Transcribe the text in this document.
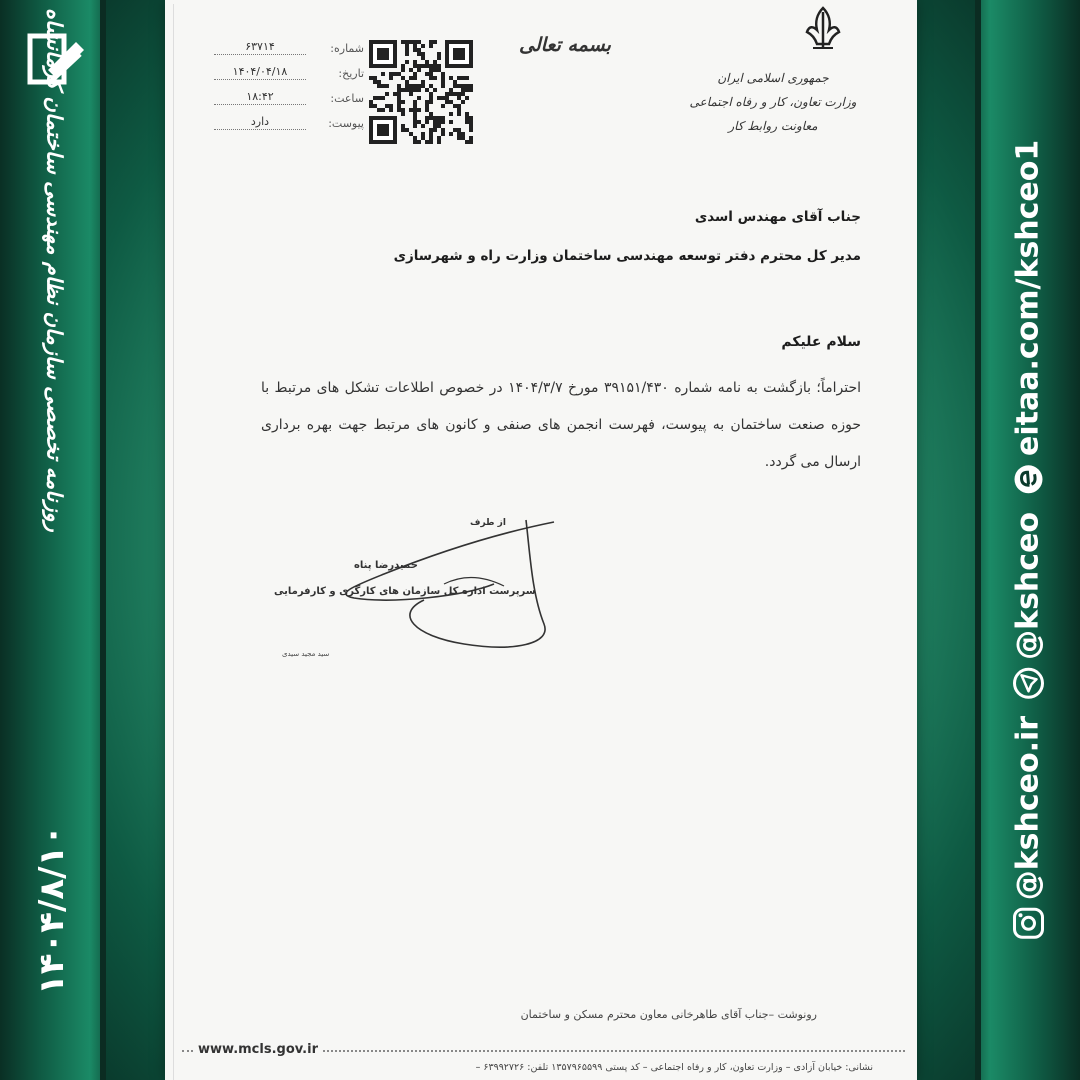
روزنامه تخصصی سازمان نظام مهندسی ساختمان کرمانشاه
۱۴۰۴/۸/۱۰
@kshceo.ir
@kshceo
eitaa.com/kshceo1
شماره:
۶۳۷۱۴
تاریخ:
۱۴۰۴/۰۴/۱۸
ساعت:
۱۸:۴۲
پیوست:
دارد
بسمه تعالی
جمهوری اسلامی ایران
وزارت تعاون، کار و رفاه اجتماعی
معاونت روابط کار
جناب آقای مهندس اسدی
مدیر کل محترم دفتر توسعه مهندسی ساختمان وزارت راه و شهرسازی
سلام علیکم
احتراماً؛ بازگشت به نامه شماره ۳۹۱۵۱/۴۳۰ مورخ ۱۴۰۴/۳/۷ در خصوص اطلاعات تشکل های مرتبط با حوزه صنعت ساختمان به پیوست، فهرست انجمن های صنفی و کانون های مرتبط جهت بهره برداری ارسال می گردد.
از طرف
حمیدرضا پناه
سرپرست اداره کل سازمان های کارگری و کارفرمایی
سید مجید سیدی
رونوشت –جناب آقای طاهرخانی معاون محترم مسکن و ساختمان
www.mcls.gov.ir
نشانی: خیابان آزادی – وزارت تعاون، کار و رفاه اجتماعی – کد پستی ۱۳۵۷۹۶۵۵۹۹ تلفن: ۶۳۹۹۲۷۲۶ –
